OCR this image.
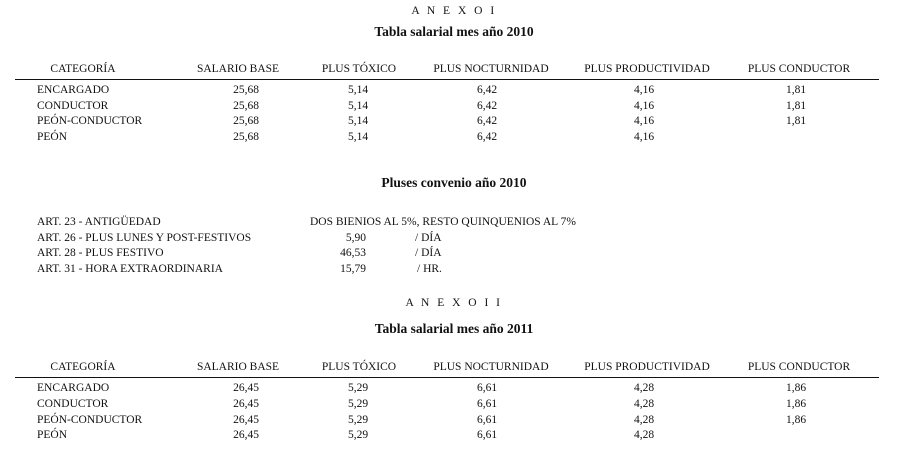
A N E X O I
Tabla salarial mes año 2010
CATEGORÍA	SALARIO BASE	PLUS TÓXICO	PLUS NOCTURNIDAD	PLUS PRODUCTIVIDAD	PLUS CONDUCTOR
ENCARGADO	25,68	5,14	6,42	4,16	1,81
CONDUCTOR	25,68	5,14	6,42	4,16	1,81
PEÓN-CONDUCTOR	25,68	5,14	6,42	4,16	1,81
PEÓN	25,68	5,14	6,42	4,16
Pluses convenio año 2010
ART. 23 - ANTIGÜEDAD	DOS BIENIOS AL 5%, RESTO QUINQUENIOS AL 7%
ART. 26 - PLUS LUNES Y POST-FESTIVOS	5,90	/ DÍA
ART. 28 - PLUS FESTIVO	46,53	/ DÍA
ART. 31 - HORA EXTRAORDINARIA	15,79	/ HR.
A N E X O I I
Tabla salarial mes año 2011
CATEGORÍA	SALARIO BASE	PLUS TÓXICO	PLUS NOCTURNIDAD	PLUS PRODUCTIVIDAD	PLUS CONDUCTOR
ENCARGADO	26,45	5,29	6,61	4,28	1,86
CONDUCTOR	26,45	5,29	6,61	4,28	1,86
PEÓN-CONDUCTOR	26,45	5,29	6,61	4,28	1,86
PEÓN	26,45	5,29	6,61	4,28
